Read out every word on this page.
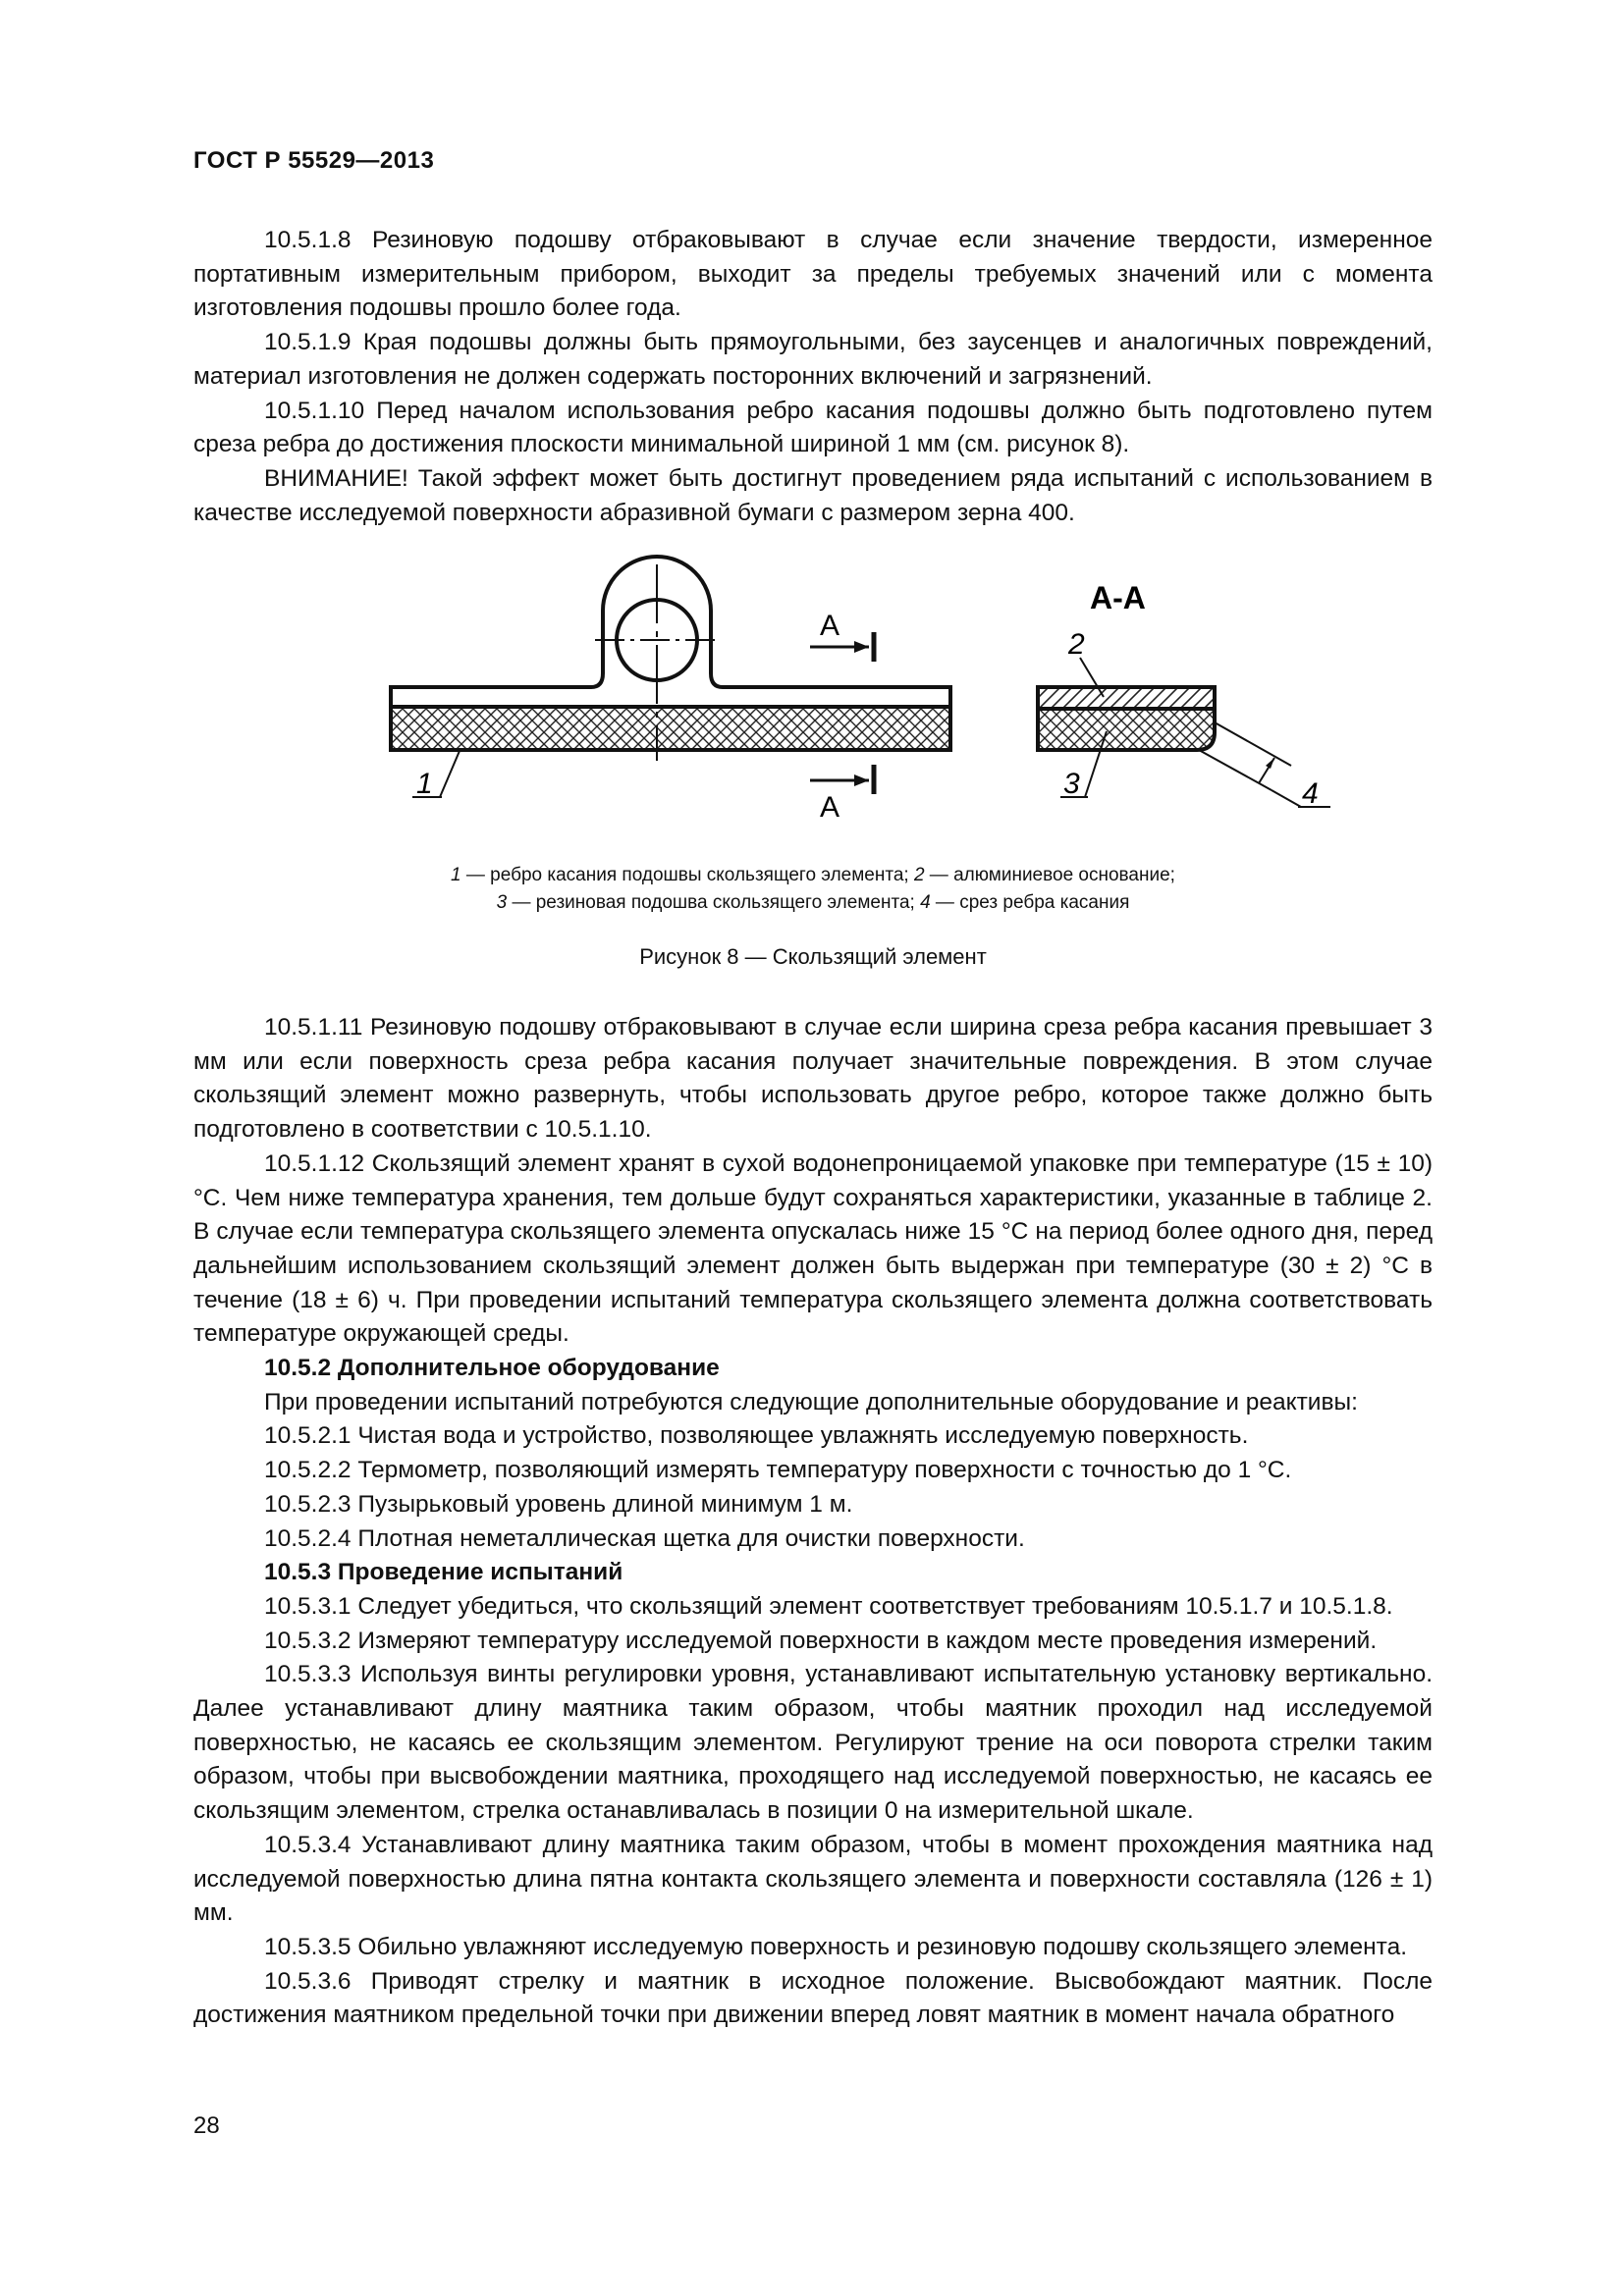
ГОСТ Р 55529—2013

10.5.1.8 Резиновую подошву отбраковывают в случае если значение твердости, измеренное портативным измерительным прибором, выходит за пределы требуемых значений или с момента изготовления подошвы прошло более года.

10.5.1.9 Края подошвы должны быть прямоугольными, без заусенцев и аналогичных повреждений, материал изготовления не должен содержать посторонних включений и загрязнений.

10.5.1.10 Перед началом использования ребро касания подошвы должно быть подготовлено путем среза ребра до достижения плоскости минимальной шириной 1 мм (см. рисунок 8).

ВНИМАНИЕ! Такой эффект может быть достигнут проведением ряда испытаний с использованием в качестве исследуемой поверхности абразивной бумаги с размером зерна 400.

А
А
1
А-А
2
3	4
1 — ребро касания подошвы скользящего элемента; 2 — алюминиевое основание;
3 — резиновая подошва скользящего элемента; 4 — срез ребра касания
Рисунок 8 — Скользящий элемент

10.5.1.11 Резиновую подошву отбраковывают в случае если ширина среза ребра касания превышает 3 мм или если поверхность среза ребра касания получает значительные повреждения. В этом случае скользящий элемент можно развернуть, чтобы использовать другое ребро, которое также должно быть подготовлено в соответствии с 10.5.1.10.

10.5.1.12 Скользящий элемент хранят в сухой водонепроницаемой упаковке при температуре (15 ± 10) °С. Чем ниже температура хранения, тем дольше будут сохраняться характеристики, указанные в таблице 2. В случае если температура скользящего элемента опускалась ниже 15 °С на период более одного дня, перед дальнейшим использованием скользящий элемент должен быть выдержан при температуре (30 ± 2) °С в течение (18 ± 6) ч. При проведении испытаний температура скользящего элемента должна соответствовать температуре окружающей среды.

10.5.2 Дополнительное оборудование

При проведении испытаний потребуются следующие дополнительные оборудование и реактивы:

10.5.2.1 Чистая вода и устройство, позволяющее увлажнять исследуемую поверхность.

10.5.2.2 Термометр, позволяющий измерять температуру поверхности с точностью до 1 °С.

10.5.2.3 Пузырьковый уровень длиной минимум 1 м.

10.5.2.4 Плотная неметаллическая щетка для очистки поверхности.

10.5.3 Проведение испытаний

10.5.3.1 Следует убедиться, что скользящий элемент соответствует требованиям 10.5.1.7 и 10.5.1.8.

10.5.3.2 Измеряют температуру исследуемой поверхности в каждом месте проведения измерений.

10.5.3.3 Используя винты регулировки уровня, устанавливают испытательную установку вертикально. Далее устанавливают длину маятника таким образом, чтобы маятник проходил над исследуемой поверхностью, не касаясь ее скользящим элементом. Регулируют трение на оси поворота стрелки таким образом, чтобы при высвобождении маятника, проходящего над исследуемой поверхностью, не касаясь ее скользящим элементом, стрелка останавливалась в позиции 0 на измерительной шкале.

10.5.3.4 Устанавливают длину маятника таким образом, чтобы в момент прохождения маятника над исследуемой поверхностью длина пятна контакта скользящего элемента и поверхности составляла (126 ± 1) мм.

10.5.3.5 Обильно увлажняют исследуемую поверхность и резиновую подошву скользящего элемента.

10.5.3.6 Приводят стрелку и маятник в исходное положение. Высвобождают маятник. После достижения маятником предельной точки при движении вперед ловят маятник в момент начала обратного

28
